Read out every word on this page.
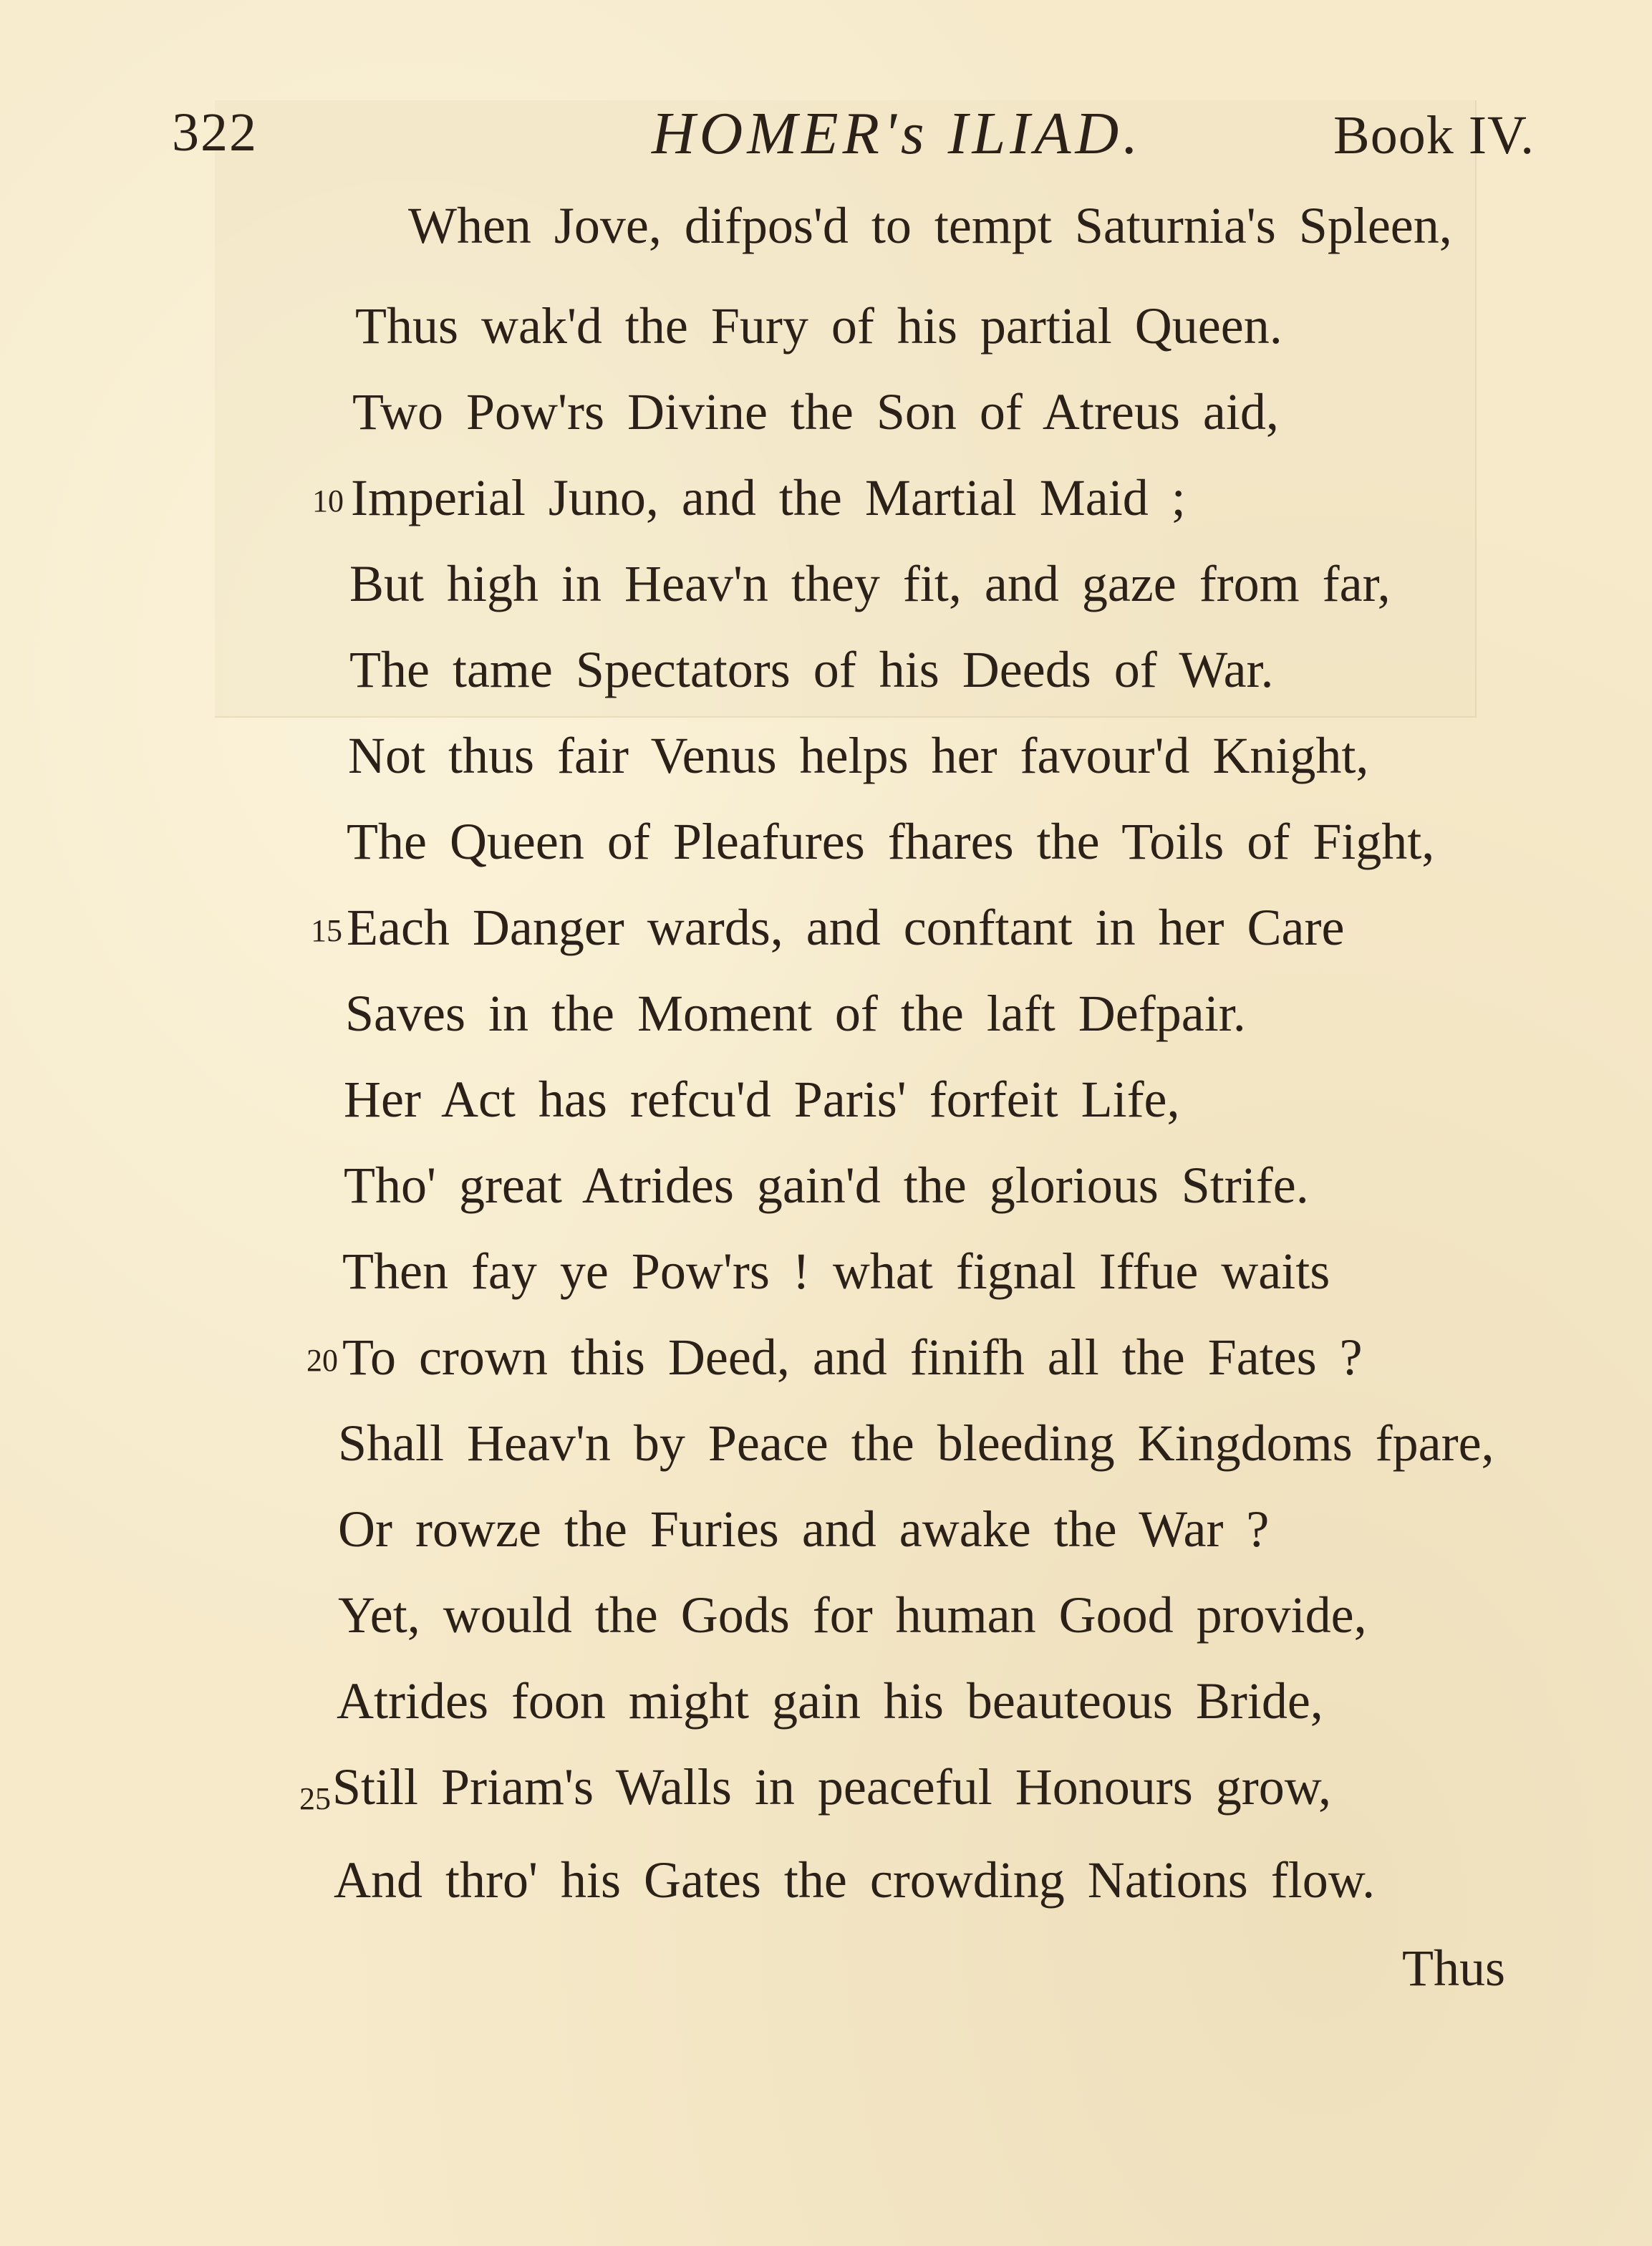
322	HOMER's ILIAD.	Book IV.
When Jove, difpos'd to tempt Saturnia's Spleen,
Thus wak'd the Fury of his partial Queen.
Two Pow'rs Divine the Son of Atreus aid,
Imperial Juno, and the Martial Maid ;
But high in Heav'n they fit, and gaze from far,
The tame Spectators of his Deeds of War.
Not thus fair Venus helps her favour'd Knight,
The Queen of Pleafures fhares the Toils of Fight,
Each Danger wards, and conftant in her Care
Saves in the Moment of the laft Defpair.
Her Act has refcu'd Paris' forfeit Life,
Tho' great Atrides gain'd the glorious Strife.
Then fay ye Pow'rs ! what fignal Iffue waits
To crown this Deed, and finifh all the Fates ?
Shall Heav'n by Peace the bleeding Kingdoms fpare,
Or rowze the Furies and awake the War ?
Yet, would the Gods for human Good provide,
Atrides foon might gain his beauteous Bride,
Still Priam's Walls in peaceful Honours grow,
And thro' his Gates the crowding Nations flow.
10
15
20
25
Thus
